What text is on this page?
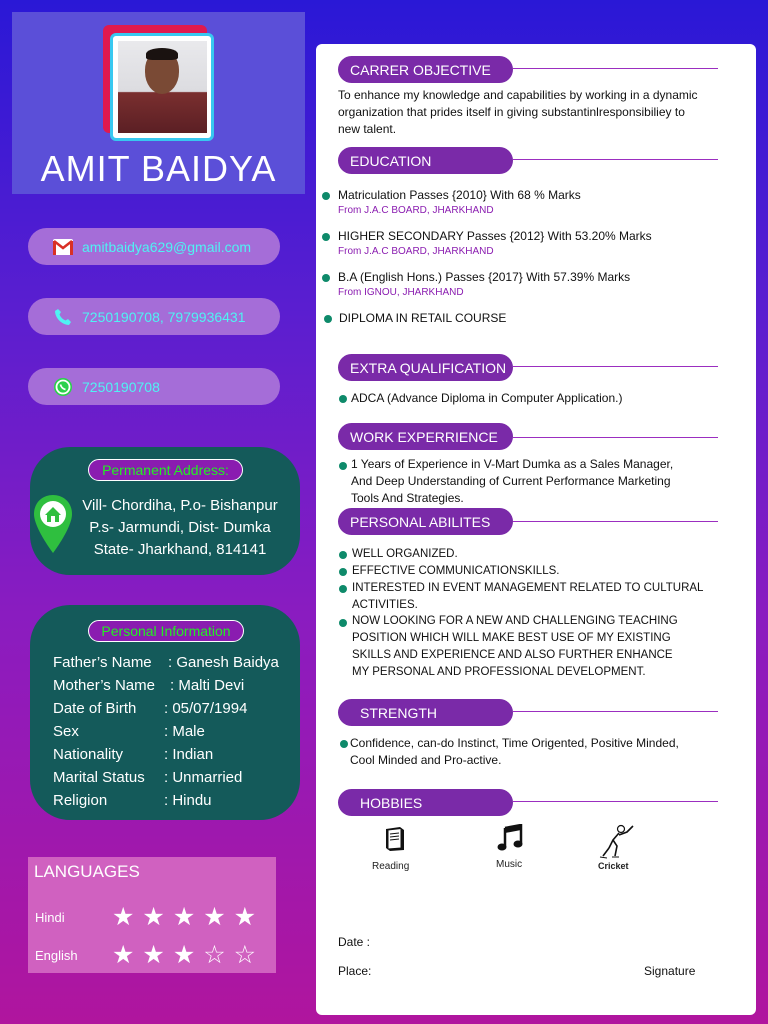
AMIT BAIDYA
amitbaidya629@gmail.com
7250190708, 7979936431
7250190708
Permanent Address:
Vill- Chordiha, P.o- Bishanpur
P.s- Jarmundi, Dist- Dumka
State- Jharkhand, 814141
Personal Information
Father’s Name	: Ganesh Baidya
Mother’s Name	: Malti Devi
Date of Birth	: 05/07/1994
Sex	: Male
Nationality	: Indian
Marital Status	: Unmarried
Religion	: Hindu
LANGUAGES
Hindi ★★★★★
English ★★★☆☆
CARRER OBJECTIVE
To enhance my knowledge and capabilities by working in a dynamic
organization that prides itself in giving substantinlresponsibiliey to
new talent.
EDUCATION
Matriculation Passes {2010} With 68 % Marks
From J.A.C BOARD, JHARKHAND
HIGHER SECONDARY Passes {2012} With 53.20% Marks
From J.A.C BOARD, JHARKHAND
B.A (English Hons.) Passes {2017} With 57.39% Marks
From IGNOU, JHARKHAND
DIPLOMA IN RETAIL COURSE
EXTRA QUALIFICATION
ADCA (Advance Diploma in Computer Application.)
WORK EXPERRIENCE
1 Years of Experience in V-Mart Dumka as a Sales Manager,
And Deep Understanding of Current Performance Marketing
Tools And Strategies.
PERSONAL ABILITES
WELL ORGANIZED.
EFFECTIVE COMMUNICATIONSKILLS.
INTERESTED IN EVENT MANAGEMENT RELATED TO CULTURAL
ACTIVITIES.
NOW LOOKING FOR A NEW AND CHALLENGING TEACHING
POSITION WHICH WILL MAKE BEST USE OF MY EXISTING
SKILLS AND EXPERIENCE AND ALSO FURTHER ENHANCE
MY PERSONAL AND PROFESSIONAL DEVELOPMENT.
STRENGTH
Confidence, can-do Instinct, Time Origented, Positive Minded,
Cool Minded and Pro-active.
HOBBIES
Reading	Music	Cricket
Date :
Place:	Signature
